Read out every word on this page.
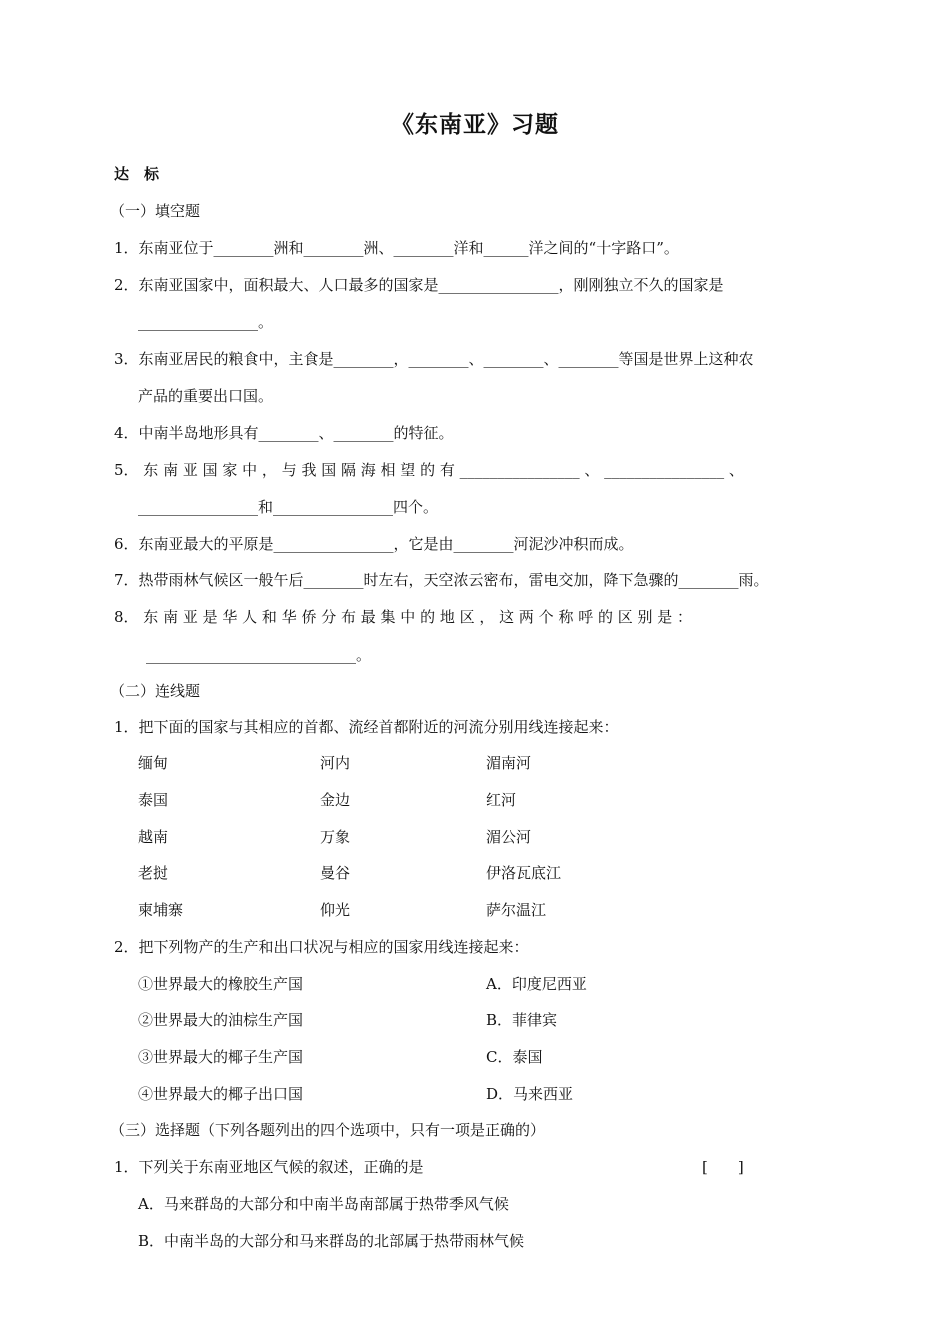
《东南亚》习题
达　标
（一）填空题
1．东南亚位于________洲和________洲、________洋和______洋之间的“十字路口”。
2．东南亚国家中，面积最大、人口最多的国家是________________，刚刚独立不久的国家是
________________。
3．东南亚居民的粮食中，主食是________，________、________、________等国是世界上这种农
产品的重要出口国。
4．中南半岛地形具有________、________的特征。
5． 东 南 亚 国 家 中 ， 与 我 国 隔 海 相 望 的 有 ________________ 、 ________________ 、
________________和________________四个。
6．东南亚最大的平原是________________，它是由________河泥沙冲积而成。
7．热带雨林气候区一般午后________时左右，天空浓云密布，雷电交加，降下急骤的________雨。
8． 东 南 亚 是 华 人 和 华 侨 分 布 最 集 中 的 地 区 ， 这 两 个 称 呼 的 区 别 是 ：
____________________________。
（二）连线题
1．把下面的国家与其相应的首都、流经首都附近的河流分别用线连接起来：
缅甸	河内	湄南河
泰国	金边	红河
越南	万象	湄公河
老挝	曼谷	伊洛瓦底江
柬埔寨	仰光	萨尔温江
2．把下列物产的生产和出口状况与相应的国家用线连接起来：
①世界最大的橡胶生产国	A．印度尼西亚
②世界最大的油棕生产国	B．菲律宾
③世界最大的椰子生产国	C．泰国
④世界最大的椰子出口国	D．马来西亚
（三）选择题（下列各题列出的四个选项中，只有一项是正确的）
1．下列关于东南亚地区气候的叙述，正确的是	[　　]
A．马来群岛的大部分和中南半岛南部属于热带季风气候
B．中南半岛的大部分和马来群岛的北部属于热带雨林气候
